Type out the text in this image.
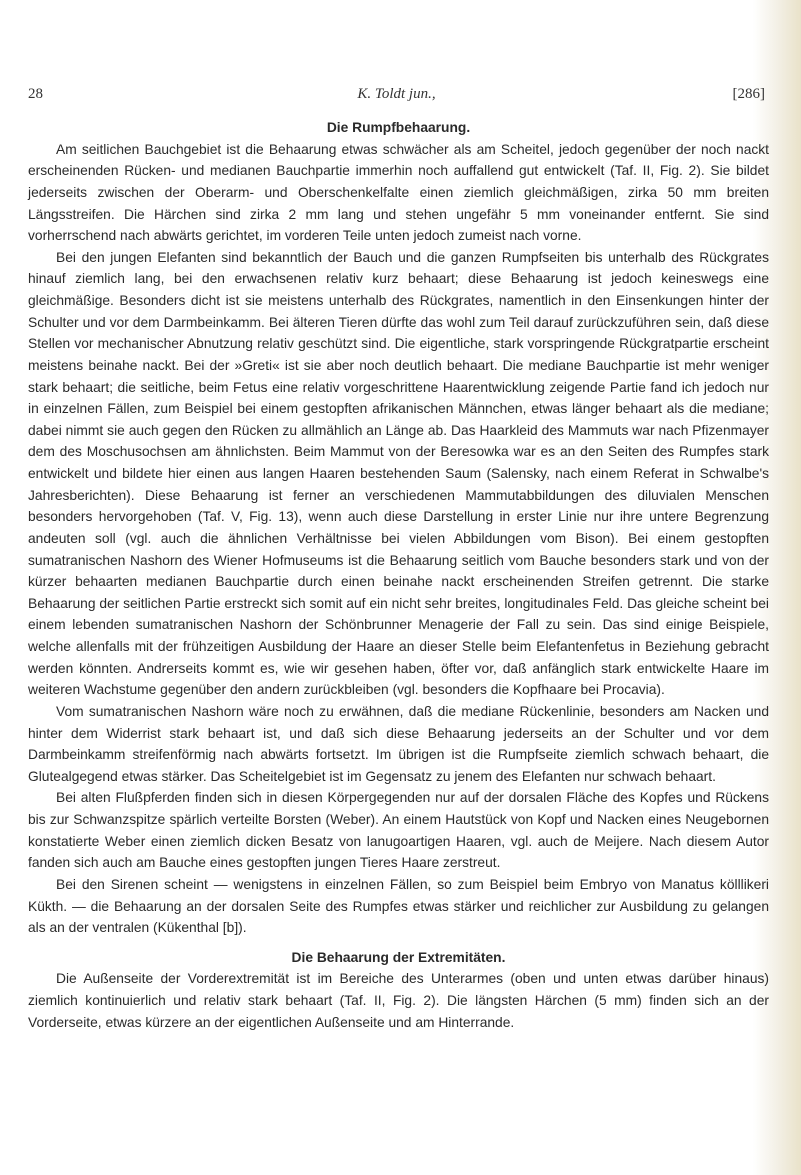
28	K. Toldt jun.,	[286]
Die Rumpfbehaarung.

Am seitlichen Bauchgebiet ist die Behaarung etwas schwächer als am Scheitel, jedoch gegenüber der noch nackt erscheinenden Rücken- und medianen Bauchpartie immerhin noch auffallend gut entwickelt (Taf. II, Fig. 2). Sie bildet jederseits zwischen der Oberarm- und Oberschenkelfalte einen ziemlich gleichmäßigen, zirka 50 mm breiten Längsstreifen. Die Härchen sind zirka 2 mm lang und stehen ungefähr 5 mm voneinander entfernt. Sie sind vorherrschend nach abwärts gerichtet, im vorderen Teile unten jedoch zumeist nach vorne.

Bei den jungen Elefanten sind bekanntlich der Bauch und die ganzen Rumpfseiten bis unterhalb des Rückgrates hinauf ziemlich lang, bei den erwachsenen relativ kurz behaart; diese Behaarung ist jedoch keineswegs eine gleichmäßige. Besonders dicht ist sie meistens unterhalb des Rückgrates, namentlich in den Einsenkungen hinter der Schulter und vor dem Darmbeinkamm. Bei älteren Tieren dürfte das wohl zum Teil darauf zurückzuführen sein, daß diese Stellen vor mechanischer Abnutzung relativ geschützt sind. Die eigentliche, stark vorspringende Rückgratpartie erscheint meistens beinahe nackt. Bei der »Greti« ist sie aber noch deutlich behaart. Die mediane Bauchpartie ist mehr weniger stark behaart; die seitliche, beim Fetus eine relativ vorgeschrittene Haarentwicklung zeigende Partie fand ich jedoch nur in einzelnen Fällen, zum Beispiel bei einem gestopften afrikanischen Männchen, etwas länger behaart als die mediane; dabei nimmt sie auch gegen den Rücken zu allmählich an Länge ab. Das Haarkleid des Mammuts war nach Pfizenmayer dem des Moschusochsen am ähnlichsten. Beim Mammut von der Beresowka war es an den Seiten des Rumpfes stark entwickelt und bildete hier einen aus langen Haaren bestehenden Saum (Salensky, nach einem Referat in Schwalbe's Jahresberichten). Diese Behaarung ist ferner an verschiedenen Mammutabbildungen des diluvialen Menschen besonders hervorgehoben (Taf. V, Fig. 13), wenn auch diese Darstellung in erster Linie nur ihre untere Begrenzung andeuten soll (vgl. auch die ähnlichen Verhältnisse bei vielen Abbildungen vom Bison). Bei einem gestopften sumatranischen Nashorn des Wiener Hofmuseums ist die Behaarung seitlich vom Bauche besonders stark und von der kürzer behaarten medianen Bauchpartie durch einen beinahe nackt erscheinenden Streifen getrennt. Die starke Behaarung der seitlichen Partie erstreckt sich somit auf ein nicht sehr breites, longitudinales Feld. Das gleiche scheint bei einem lebenden sumatranischen Nashorn der Schönbrunner Menagerie der Fall zu sein. Das sind einige Beispiele, welche allenfalls mit der frühzeitigen Ausbildung der Haare an dieser Stelle beim Elefantenfetus in Beziehung gebracht werden könnten. Andrerseits kommt es, wie wir gesehen haben, öfter vor, daß anfänglich stark entwickelte Haare im weiteren Wachstume gegenüber den andern zurückbleiben (vgl. besonders die Kopfhaare bei Procavia).

Vom sumatranischen Nashorn wäre noch zu erwähnen, daß die mediane Rückenlinie, besonders am Nacken und hinter dem Widerrist stark behaart ist, und daß sich diese Behaarung jederseits an der Schulter und vor dem Darmbeinkamm streifenförmig nach abwärts fortsetzt. Im übrigen ist die Rumpfseite ziemlich schwach behaart, die Glutealgegend etwas stärker. Das Scheitelgebiet ist im Gegensatz zu jenem des Elefanten nur schwach behaart.

Bei alten Flußpferden finden sich in diesen Körpergegenden nur auf der dorsalen Fläche des Kopfes und Rückens bis zur Schwanzspitze spärlich verteilte Borsten (Weber). An einem Hautstück von Kopf und Nacken eines Neugebornen konstatierte Weber einen ziemlich dicken Besatz von lanugoartigen Haaren, vgl. auch de Meijere. Nach diesem Autor fanden sich auch am Bauche eines gestopften jungen Tieres Haare zerstreut.

Bei den Sirenen scheint — wenigstens in einzelnen Fällen, so zum Beispiel beim Embryo von Manatus kölllikeri Kükth. — die Behaarung an der dorsalen Seite des Rumpfes etwas stärker und reichlicher zur Ausbildung zu gelangen als an der ventralen (Kükenthal [b]).

Die Behaarung der Extremitäten.

Die Außenseite der Vorderextremität ist im Bereiche des Unterarmes (oben und unten etwas darüber hinaus) ziemlich kontinuierlich und relativ stark behaart (Taf. II, Fig. 2). Die längsten Härchen (5 mm) finden sich an der Vorderseite, etwas kürzere an der eigentlichen Außenseite und am Hinterrande.
